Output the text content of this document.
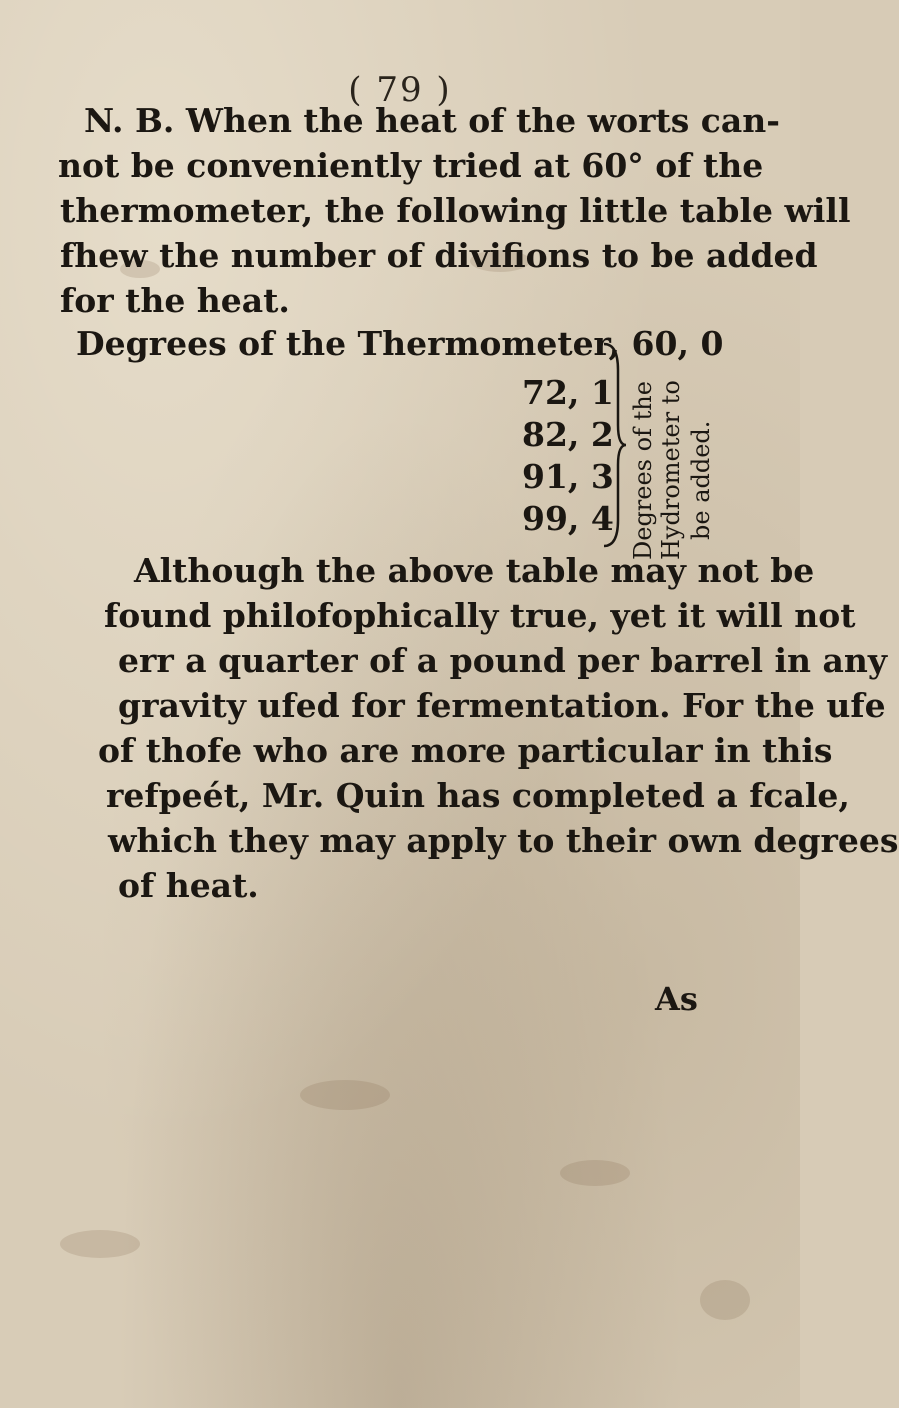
( 79 )

N. B. When the heat of the worts can-
not be conveniently tried at 60° of the
thermometer, the following little table will
fhew the number of divifions to be added
for the heat.

Degrees of the Thermometer, 60, 0
72, 1
82, 2
91, 3
99, 4 Degrees of the Hydrometer to be added.

Although the above table may not be
found philofophically true, yet it will not
err a quarter of a pound per barrel in any
gravity ufed for fermentation. For the ufe
of thofe who are more particular in this
refpeét, Mr. Quin has completed a fcale,
which they may apply to their own degrees
of heat.

As
